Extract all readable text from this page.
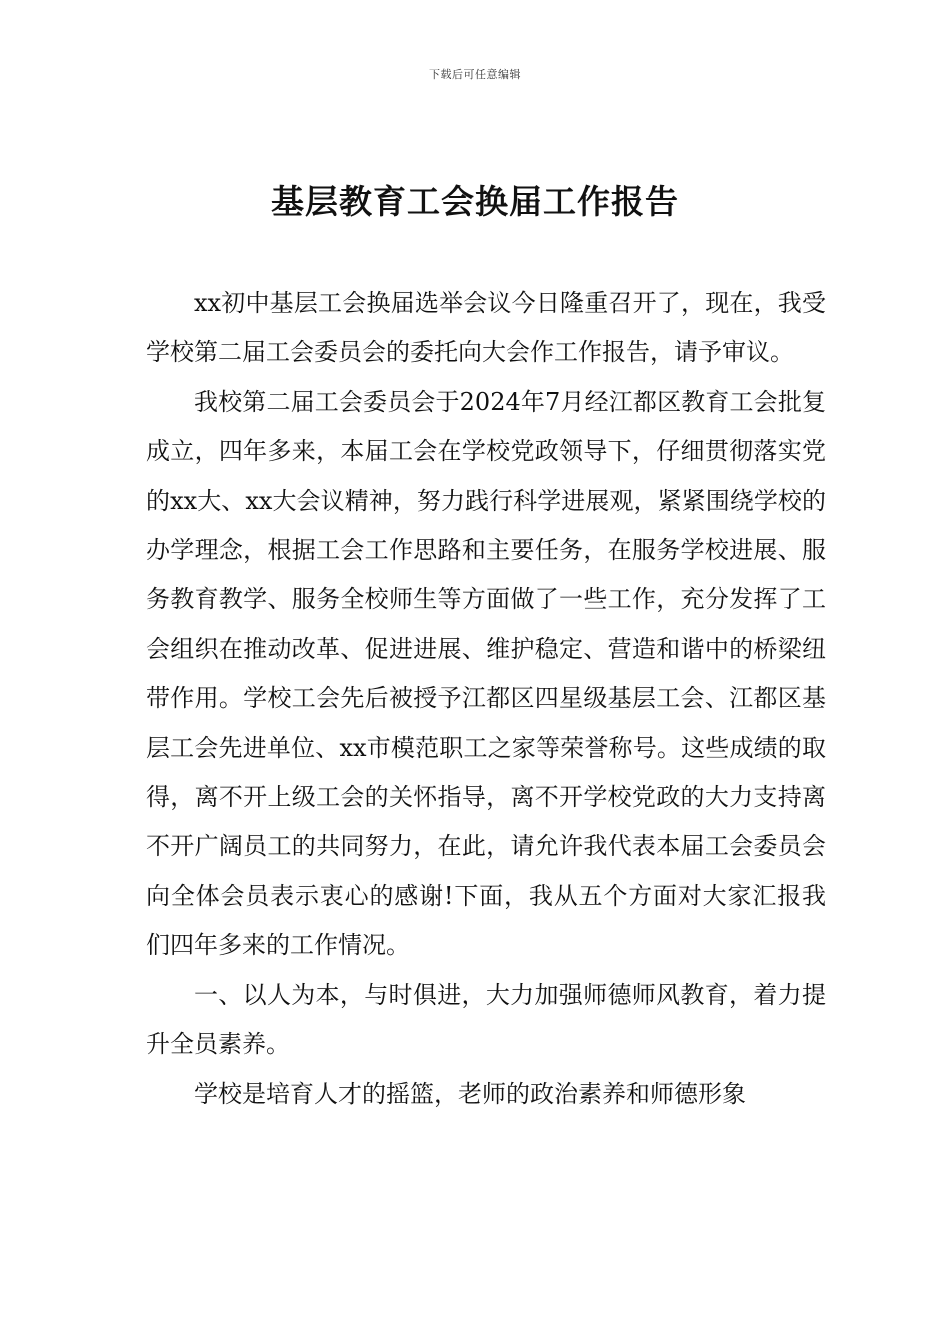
下载后可任意编辑
基层教育工会换届工作报告

xx初中基层工会换届选举会议今日隆重召开了，现在，我受学校第二届工会委员会的委托向大会作工作报告，请予审议。

我校第二届工会委员会于2024年7月经江都区教育工会批复成立，四年多来，本届工会在学校党政领导下，仔细贯彻落实党的xx大、xx大会议精神，努力践行科学进展观，紧紧围绕学校的办学理念，根据工会工作思路和主要任务，在服务学校进展、服务教育教学、服务全校师生等方面做了一些工作，充分发挥了工会组织在推动改革、促进进展、维护稳定、营造和谐中的桥梁纽带作用。学校工会先后被授予江都区四星级基层工会、江都区基层工会先进单位、xx市模范职工之家等荣誉称号。这些成绩的取得，离不开上级工会的关怀指导，离不开学校党政的大力支持离不开广阔员工的共同努力，在此，请允许我代表本届工会委员会向全体会员表示衷心的感谢!下面，我从五个方面对大家汇报我们四年多来的工作情况。

一、以人为本，与时俱进，大力加强师德师风教育，着力提升全员素养。

学校是培育人才的摇篮，老师的政治素养和师德形象
